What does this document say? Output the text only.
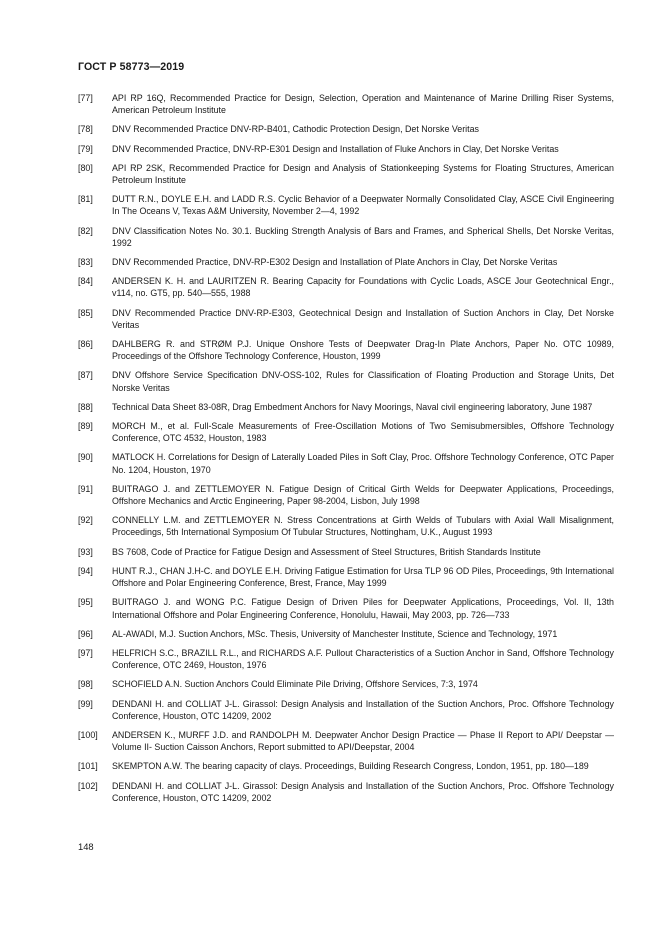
ГОСТ Р 58773—2019
[77]	API RP 16Q, Recommended Practice for Design, Selection, Operation and Maintenance of Marine Drilling Riser Systems, American Petroleum Institute
[78]	DNV Recommended Practice DNV-RP-B401, Cathodic Protection Design, Det Norske Veritas
[79]	DNV Recommended Practice, DNV-RP-E301 Design and Installation of Fluke Anchors in Clay, Det Norske Veritas
[80]	API RP 2SK, Recommended Practice for Design and Analysis of Stationkeeping Systems for Floating Structures, American Petroleum Institute
[81]	DUTT R.N., DOYLE E.H. and LADD R.S. Cyclic Behavior of a Deepwater Normally Consolidated Clay, ASCE Civil Engineering In The Oceans V, Texas A&M University, November 2—4, 1992
[82]	DNV Classification Notes No. 30.1. Buckling Strength Analysis of Bars and Frames, and Spherical Shells, Det Norske Veritas, 1992
[83]	DNV Recommended Practice, DNV-RP-E302 Design and Installation of Plate Anchors in Clay, Det Norske Veritas
[84]	ANDERSEN K. H. and LAURITZEN R. Bearing Capacity for Foundations with Cyclic Loads, ASCE Jour Geotechnical Engr., v114, no. GT5, pp. 540—555, 1988
[85]	DNV Recommended Practice DNV-RP-E303, Geotechnical Design and Installation of Suction Anchors in Clay, Det Norske Veritas
[86]	DAHLBERG R. and STRØM P.J. Unique Onshore Tests of Deepwater Drag-In Plate Anchors, Paper No. OTC 10989, Proceedings of the Offshore Technology Conference, Houston, 1999
[87]	DNV Offshore Service Specification DNV-OSS-102, Rules for Classification of Floating Production and Storage Units, Det Norske Veritas
[88]	Technical Data Sheet 83-08R, Drag Embedment Anchors for Navy Moorings, Naval civil engineering laboratory, June 1987
[89]	MORCH M., et al. Full-Scale Measurements of Free-Oscillation Motions of Two Semisubmersibles, Offshore Technology Conference, OTC 4532, Houston, 1983
[90]	MATLOCK H. Correlations for Design of Laterally Loaded Piles in Soft Clay, Proc. Offshore Technology Conference, OTC Paper No. 1204, Houston, 1970
[91]	BUITRAGO J. and ZETTLEMOYER N. Fatigue Design of Critical Girth Welds for Deepwater Applications, Proceedings, Offshore Mechanics and Arctic Engineering, Paper 98-2004, Lisbon, July 1998
[92]	CONNELLY L.M. and ZETTLEMOYER N. Stress Concentrations at Girth Welds of Tubulars with Axial Wall Misalignment, Proceedings, 5th International Symposium Of Tubular Structures, Nottingham, U.K., August 1993
[93]	BS 7608, Code of Practice for Fatigue Design and Assessment of Steel Structures, British Standards Institute
[94]	HUNT R.J., CHAN J.H-C. and DOYLE E.H. Driving Fatigue Estimation for Ursa TLP 96 OD Piles, Proceedings, 9th International Offshore and Polar Engineering Conference, Brest, France, May 1999
[95]	BUITRAGO J. and WONG P.C. Fatigue Design of Driven Piles for Deepwater Applications, Proceedings, Vol. II, 13th International Offshore and Polar Engineering Conference, Honolulu, Hawaii, May 2003, pp. 726—733
[96]	AL-AWADI, M.J. Suction Anchors, MSc. Thesis, University of Manchester Institute, Science and Technology, 1971
[97]	HELFRICH S.C., BRAZILL R.L., and RICHARDS A.F. Pullout Characteristics of a Suction Anchor in Sand, Offshore Technology Conference, OTC 2469, Houston, 1976
[98]	SCHOFIELD A.N. Suction Anchors Could Eliminate Pile Driving, Offshore Services, 7:3, 1974
[99]	DENDANI H. and COLLIAT J-L. Girassol: Design Analysis and Installation of the Suction Anchors, Proc. Offshore Technology Conference, Houston, OTC 14209, 2002
[100]	ANDERSEN K., MURFF J.D. and RANDOLPH M. Deepwater Anchor Design Practice — Phase II Report to API/ Deepstar — Volume II- Suction Caisson Anchors, Report submitted to API/Deepstar, 2004
[101]	SKEMPTON A.W. The bearing capacity of clays. Proceedings, Building Research Congress, London, 1951, pp. 180—189
[102]	DENDANI H. and COLLIAT J-L. Girassol: Design Analysis and Installation of the Suction Anchors, Proc. Offshore Technology Conference, Houston, OTC 14209, 2002
148
